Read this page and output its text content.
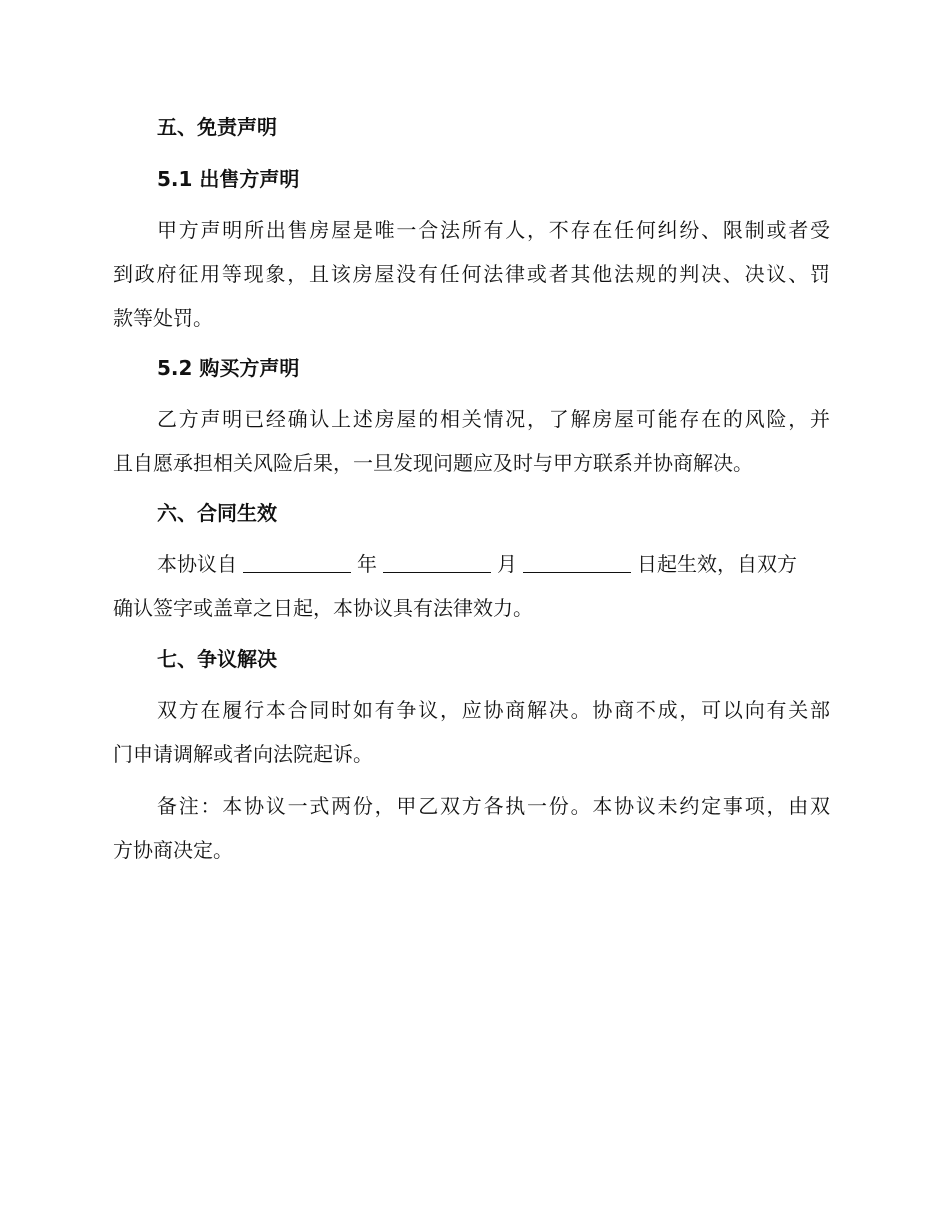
五、免责声明
5.1 出售方声明
甲方声明所出售房屋是唯一合法所有人，不存在任何纠纷、限制或者受
到政府征用等现象，且该房屋没有任何法律或者其他法规的判决、决议、罚
款等处罚。
5.2 购买方声明
乙方声明已经确认上述房屋的相关情况，了解房屋可能存在的风险，并
且自愿承担相关风险后果，一旦发现问题应及时与甲方联系并协商解决。
六、合同生效
本协议自	年	月	日起生效，自双方
确认签字或盖章之日起，本协议具有法律效力。
七、争议解决
双方在履行本合同时如有争议，应协商解决。协商不成，可以向有关部
门申请调解或者向法院起诉。
备注：本协议一式两份，甲乙双方各执一份。本协议未约定事项，由双
方协商决定。
